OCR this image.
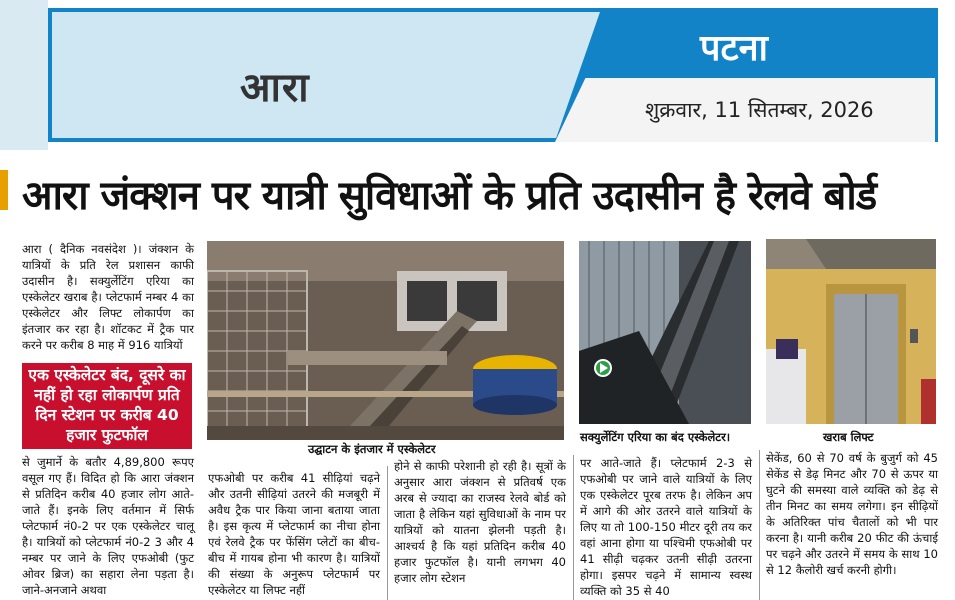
आरा
पटना
शुक्रवार, 11 सितम्बर, 2026
आरा जंक्शन पर यात्री सुविधाओं के प्रति उदासीन है रेलवे बोर्ड
आरा ( दैनिक नवसंदेश )। जंक्शन के यात्रियों के प्रति रेल प्रशासन काफी उदासीन है। सक्युर्लेटिंग एरिया का एस्केलेटर खराब है। प्लेटफार्म नम्बर 4 का एस्केलेटर और लिफ्ट लोकार्पण का इंतजार कर रहा है। शॉटकट में ट्रैक पार करने पर करीब 8 माह में 916 यात्रियों
एक एस्केलेटर बंद, दूसरे का नहीं हो रहा लोकार्पण प्रति दिन स्टेशन पर करीब 40 हजार फुटफॉल
से जुमार्ने के बतौर 4,89,800 रूपए वसूल गए हैं। विदित हो कि आरा जंक्शन से प्रतिदिन करीब 40 हजार लोग आते-जाते हैं। इनके लिए वर्तमान में सिर्फ प्लेटफार्म नं0-2 पर एक एस्केलेटर चालू है। यात्रियों को प्लेटफार्म नं0-2 3 और 4 नम्बर पर जाने के लिए एफओबी (फुट ओवर ब्रिज) का सहारा लेना पड़ता है। जाने-अनजाने अथवा
उद्घाटन के इंतजार में एस्केलेटर
सक्युर्लेटिंग एरिया का बंद एस्केलेटर।	खराब लिफ्ट
एफओबी पर करीब 41 सीढ़ियां चढ़ने और उतनी सीढ़ियां उतरने की मजबूरी में अवैध ट्रैक पार किया जाना बताया जाता है। इस कृत्य में प्लेटफार्म का नीचा होना एवं रेलवे ट्रैक पर फेंसिंग प्लेटों का बीच-बीच में गायब होना भी कारण है। यात्रियों की संख्या के अनुरूप प्लेटफार्म पर एस्केलेटर या लिफ्ट नहीं
होने से काफी परेशानी हो रही है। सूत्रों के अनुसार आरा जंक्शन से प्रतिवर्ष एक अरब से ज्यादा का राजस्व रेलवे बोर्ड को जाता है लेकिन यहां सुविधाओं के नाम पर यात्रियों को यातना झेलनी पड़ती है। आश्चर्य है कि यहां प्रतिदिन करीब 40 हजार फुटफॉल है। यानी लगभग 40 हजार लोग स्टेशन
पर आते-जाते हैं। प्लेटफार्म 2-3 से एफओबी पर जाने वाले यात्रियों के लिए एक एस्केलेटर पूरब तरफ है। लेकिन अप में आगे की ओर उतरने वाले यात्रियों के लिए या तो 100-150 मीटर दूरी तय कर वहां आना होगा या पश्चिमी एफओबी पर 41 सीढ़ी चढ़कर उतनी सीढ़ी उतरना होगा। इसपर चढ़ने में सामान्य स्वस्थ व्यक्ति को 35 से 40
सेकेंड, 60 से 70 वर्ष के बुजुर्ग को 45 सेकेंड से डेढ़ मिनट और 70 से ऊपर या घुटने की समस्या वाले व्यक्ति को डेढ़ से तीन मिनट का समय लगेगा। इन सीढ़ियों के अतिरिक्त पांच चैतालों को भी पार करना है। यानी करीब 20 फीट की ऊंचाई पर चढ़ने और उतरने में समय के साथ 10 से 12 कैलोरी खर्च करनी होगी।
